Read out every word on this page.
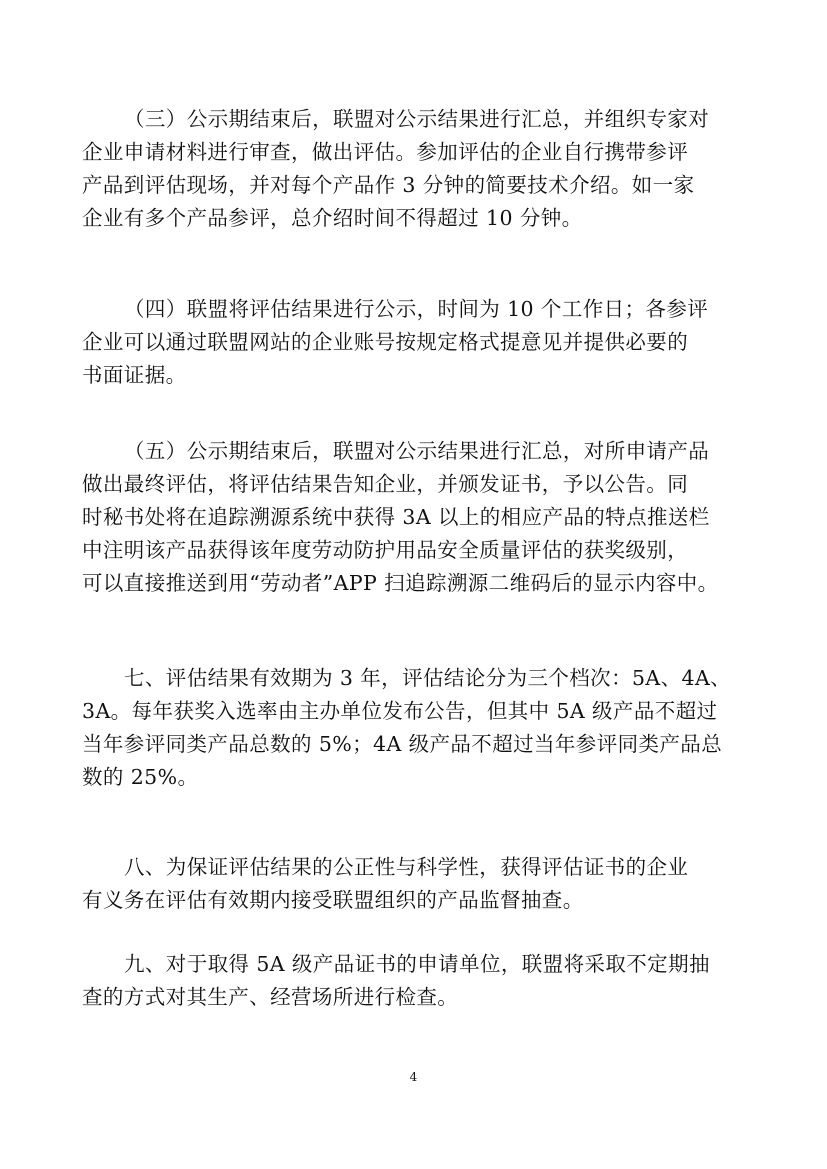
（三）公示期结束后，联盟对公示结果进行汇总，并组织专家对
企业申请材料进行审查，做出评估。参加评估的企业自行携带参评
产品到评估现场，并对每个产品作 3 分钟的简要技术介绍。如一家
企业有多个产品参评，总介绍时间不得超过 10 分钟。
（四）联盟将评估结果进行公示，时间为 10 个工作日；各参评
企业可以通过联盟网站的企业账号按规定格式提意见并提供必要的
书面证据。
（五）公示期结束后，联盟对公示结果进行汇总，对所申请产品
做出最终评估，将评估结果告知企业，并颁发证书，予以公告。同
时秘书处将在追踪溯源系统中获得 3A 以上的相应产品的特点推送栏
中注明该产品获得该年度劳动防护用品安全质量评估的获奖级别，
可以直接推送到用“劳动者”APP 扫追踪溯源二维码后的显示内容中。
七、评估结果有效期为 3 年，评估结论分为三个档次：5A、4A、
3A。每年获奖入选率由主办单位发布公告，但其中 5A 级产品不超过
当年参评同类产品总数的 5%；4A 级产品不超过当年参评同类产品总
数的 25%。
八、为保证评估结果的公正性与科学性，获得评估证书的企业
有义务在评估有效期内接受联盟组织的产品监督抽查。
九、对于取得 5A 级产品证书的申请单位，联盟将采取不定期抽
查的方式对其生产、经营场所进行检查。
4
